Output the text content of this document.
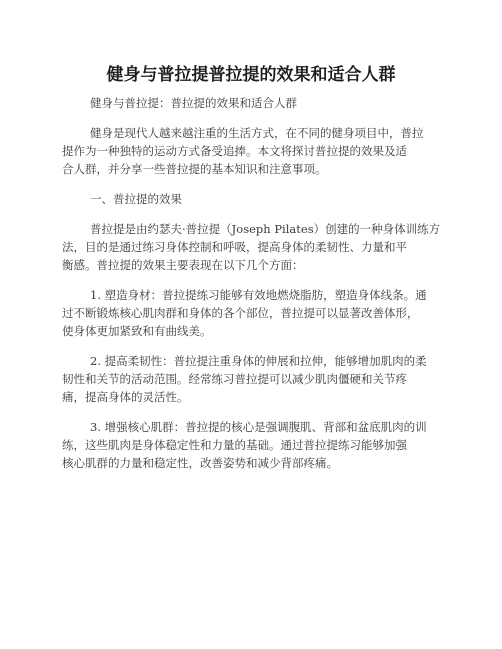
健身与普拉提普拉提的效果和适合人群
健身与普拉提：普拉提的效果和适合人群
健身是现代人越来越注重的生活方式，在不同的健身项目中，普拉
提作为一种独特的运动方式备受追捧。本文将探讨普拉提的效果及适
合人群，并分享一些普拉提的基本知识和注意事项。
一、普拉提的效果
普拉提是由约瑟夫·普拉提（Joseph Pilates）创建的一种身体训练方
法，目的是通过练习身体控制和呼吸，提高身体的柔韧性、力量和平
衡感。普拉提的效果主要表现在以下几个方面：
1. 塑造身材：普拉提练习能够有效地燃烧脂肪，塑造身体线条。通
过不断锻炼核心肌肉群和身体的各个部位，普拉提可以显著改善体形，
使身体更加紧致和有曲线美。
2. 提高柔韧性：普拉提注重身体的伸展和拉伸，能够增加肌肉的柔
韧性和关节的活动范围。经常练习普拉提可以减少肌肉僵硬和关节疼
痛，提高身体的灵活性。
3. 增强核心肌群：普拉提的核心是强调腹肌、背部和盆底肌肉的训
练，这些肌肉是身体稳定性和力量的基础。通过普拉提练习能够加强
核心肌群的力量和稳定性，改善姿势和减少背部疼痛。
